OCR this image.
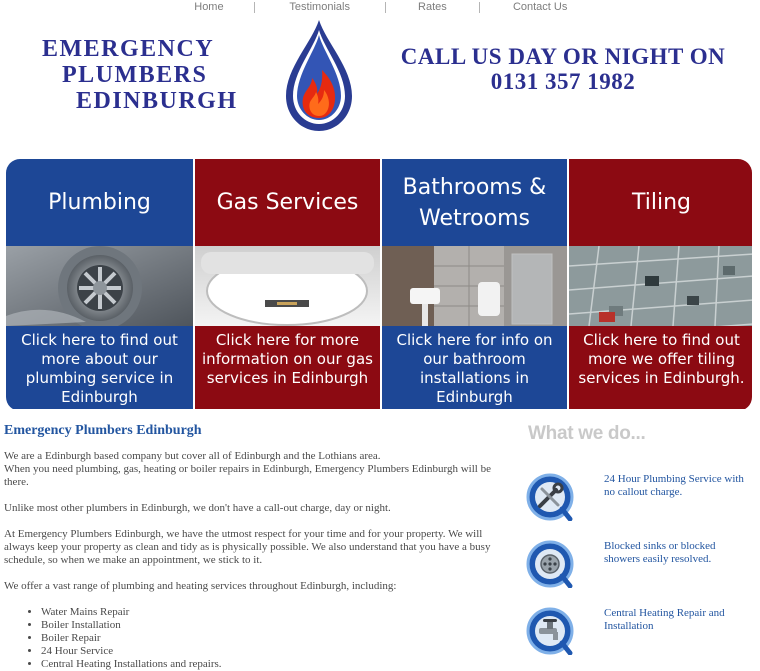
Home	Testimonials	Rates	Contact Us
EMERGENCY
PLUMBERS
EDINBURGH
CALL US DAY OR NIGHT ON
0131 357 1982
Plumbing
Click here to find out more about our plumbing service in Edinburgh
Gas Services
Click here for more information on our gas services in Edinburgh
Bathrooms & Wetrooms
Click here for info on our bathroom installations in Edinburgh
Tiling
Click here to find out more we offer tiling services in Edinburgh.
Emergency Plumbers Edinburgh

We are a Edinburgh based company but cover all of Edinburgh and the Lothians area.
When you need plumbing, gas, heating or boiler repairs in Edinburgh, Emergency Plumbers Edinburgh will be there.

Unlike most other plumbers in Edinburgh, we don't have a call-out charge, day or night.

At Emergency Plumbers Edinburgh, we have the utmost respect for your time and for your property. We will always keep your property as clean and tidy as is physically possible. We also understand that you have a busy schedule, so when we make an appointment, we stick to it.

We offer a vast range of plumbing and heating services throughout Edinburgh, including:

• Water Mains Repair
• Boiler Installation
• Boiler Repair
• 24 Hour Service
• Central Heating Installations and repairs.
What we do...
24 Hour Plumbing Service with no callout charge.
Blocked sinks or blocked showers easily resolved.
Central Heating Repair and Installation
